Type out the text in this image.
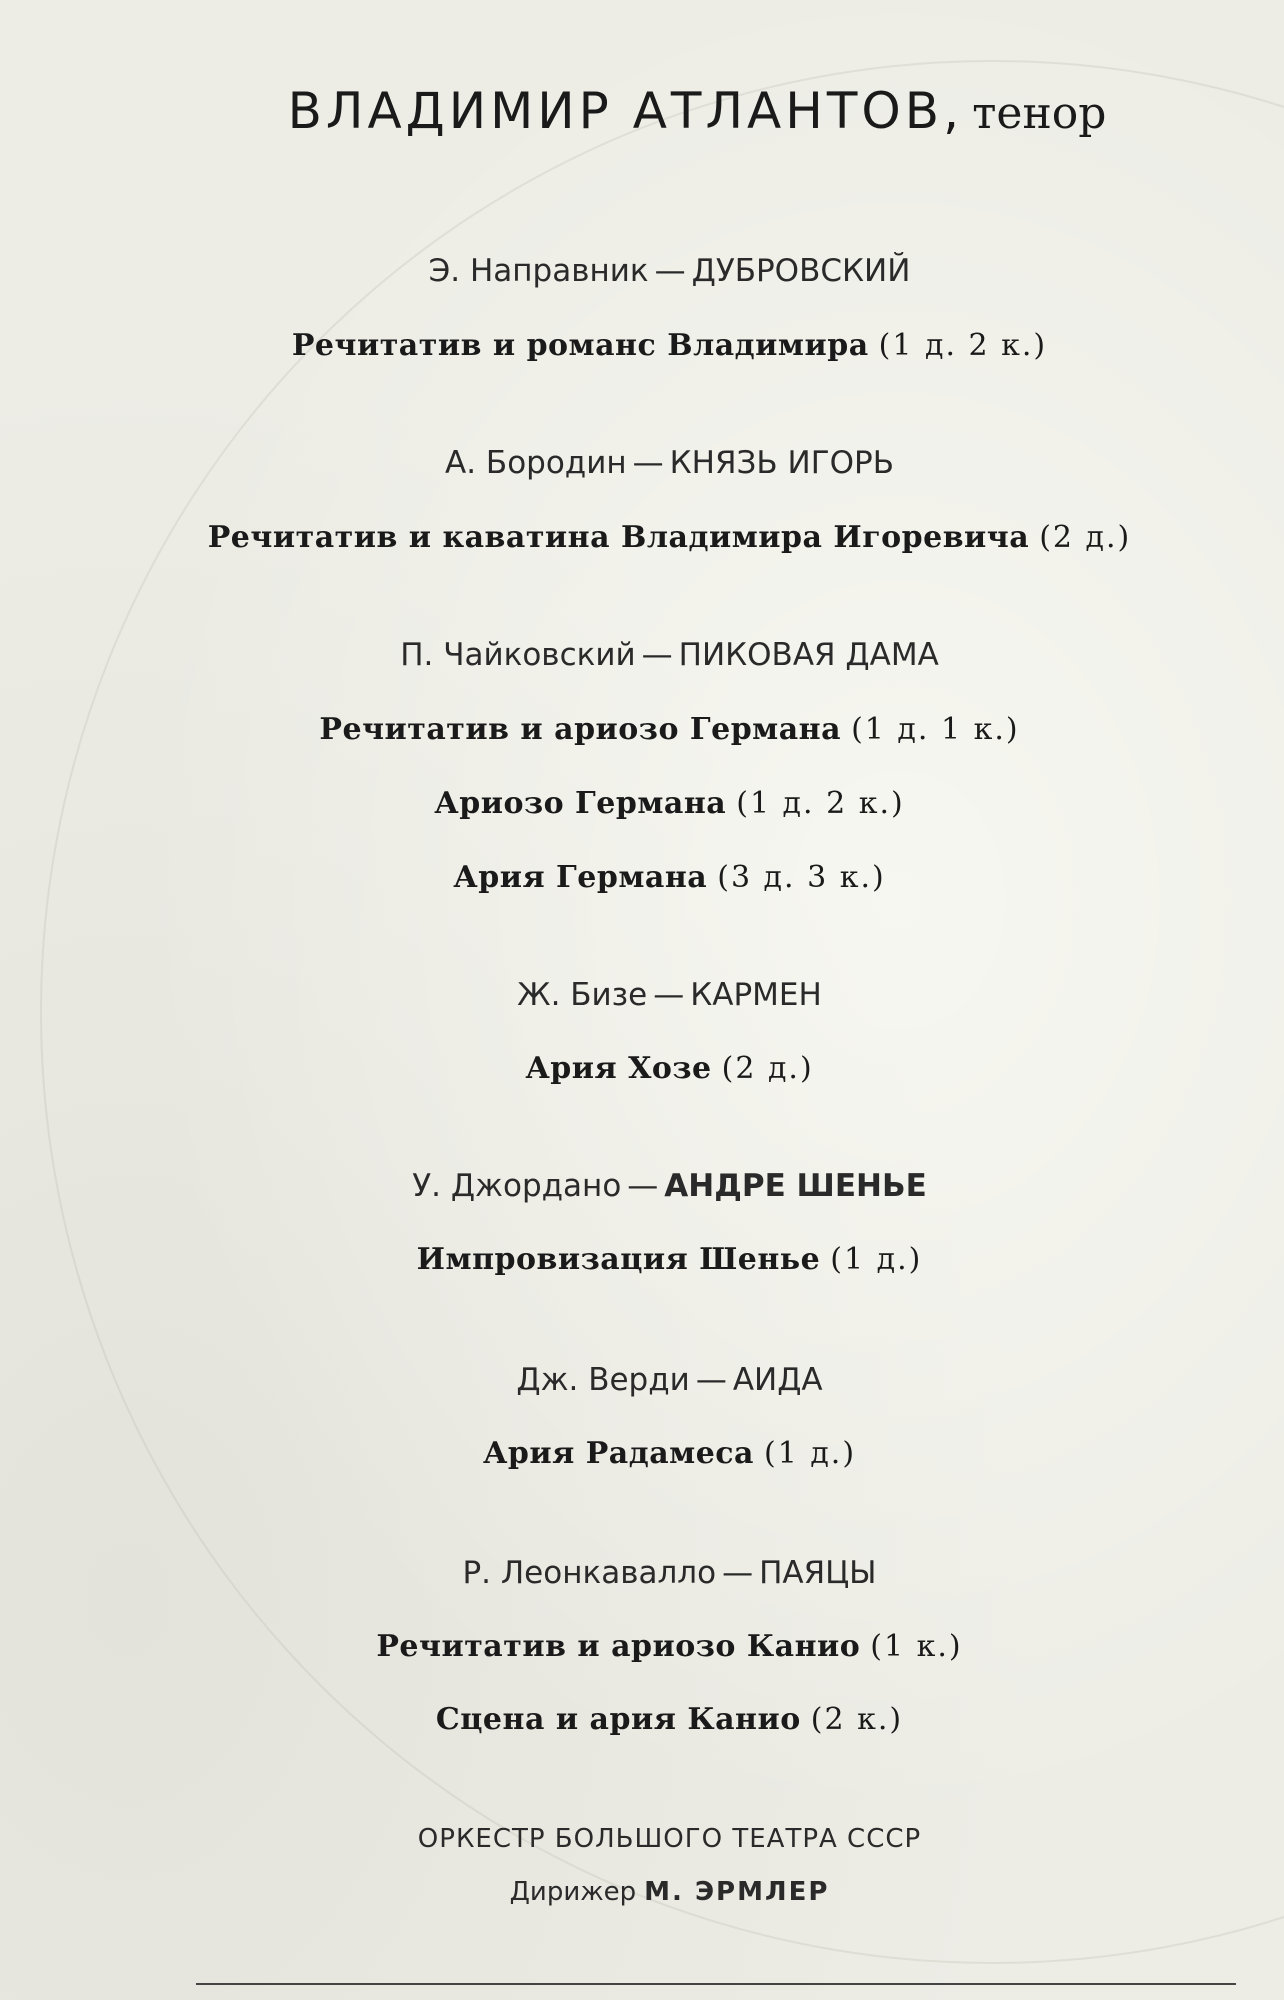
ВЛАДИМИР АТЛАНТОВ, тенор
Э. Направник — ДУБРОВСКИЙ
Речитатив и романс Владимира (1 д. 2 к.)
А. Бородин — КНЯЗЬ ИГОРЬ
Речитатив и каватина Владимира Игоревича (2 д.)
П. Чайковский — ПИКОВАЯ ДАМА
Речитатив и ариозо Германа (1 д. 1 к.)
Ариозо Германа (1 д. 2 к.)
Ария Германа (3 д. 3 к.)
Ж. Бизе — КАРМЕН
Ария Хозе (2 д.)
У. Джордано — АНДРЕ ШЕНЬЕ
Импровизация Шенье (1 д.)
Дж. Верди — АИДА
Ария Радамеса (1 д.)
Р. Леонкавалло — ПАЯЦЫ
Речитатив и ариозо Канио (1 к.)
Сцена и ария Канио (2 к.)
ОРКЕСТР БОЛЬШОГО ТЕАТРА СССР
Дирижер М. ЭРМЛЕР
